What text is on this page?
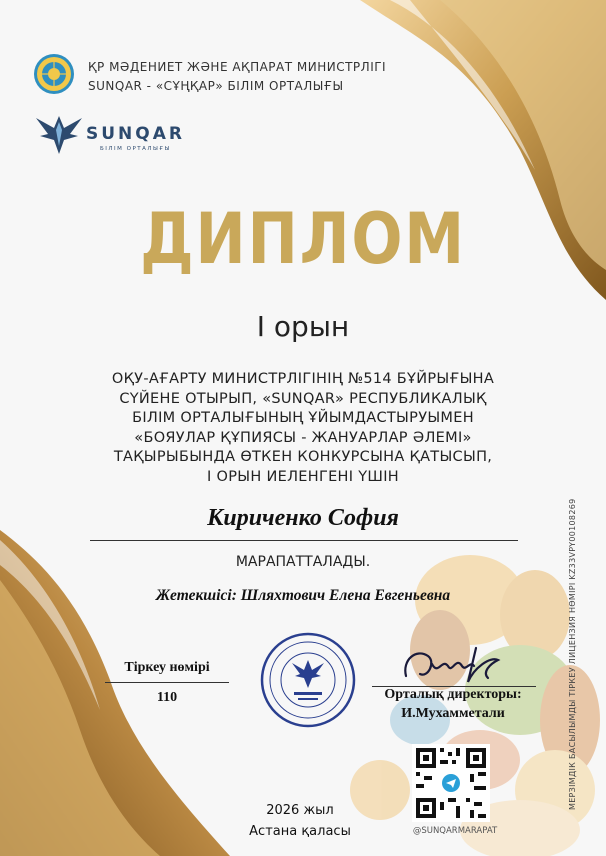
ҚР МӘДЕНИЕТ ЖӘНЕ АҚПАРАТ МИНИСТРЛІГІ
SUNQAR - «СҰҢҚАР» БІЛІМ ОРТАЛЫҒЫ
SUNQAR
БІЛІМ ОРТАЛЫҒЫ
ДИПЛОМ
I орын
ОҚУ-АҒАРТУ МИНИСТРЛІГІНІҢ №514 БҰЙРЫҒЫНА
СҮЙЕНЕ ОТЫРЫП, «SUNQAR» РЕСПУБЛИКАЛЫҚ
БІЛІМ ОРТАЛЫҒЫНЫҢ ҰЙЫМДАСТЫРУЫМЕН
«БОЯУЛАР ҚҰПИЯСЫ - ЖАНУАРЛАР ӘЛЕМІ»
ТАҚЫРЫБЫНДА ӨТКЕН КОНКУРСЫНА ҚАТЫСЫП,
I ОРЫН ИЕЛЕНГЕНІ ҮШІН
Кириченко София
МАРАПАТТАЛАДЫ.
Жетекшісі: Шляхтович Елена Евгеньевна
Тіркеу нөмірі
110	Орталық директоры:
И.Мухамметали
@SUNQARMARAPAT
2026 жыл
Астана қаласы
МЕРЗІМДІК БАСЫЛЫМДЫ ТІРКЕУ ЛИЦЕНЗИЯ НӨМІРІ KZ33VPY00108269
